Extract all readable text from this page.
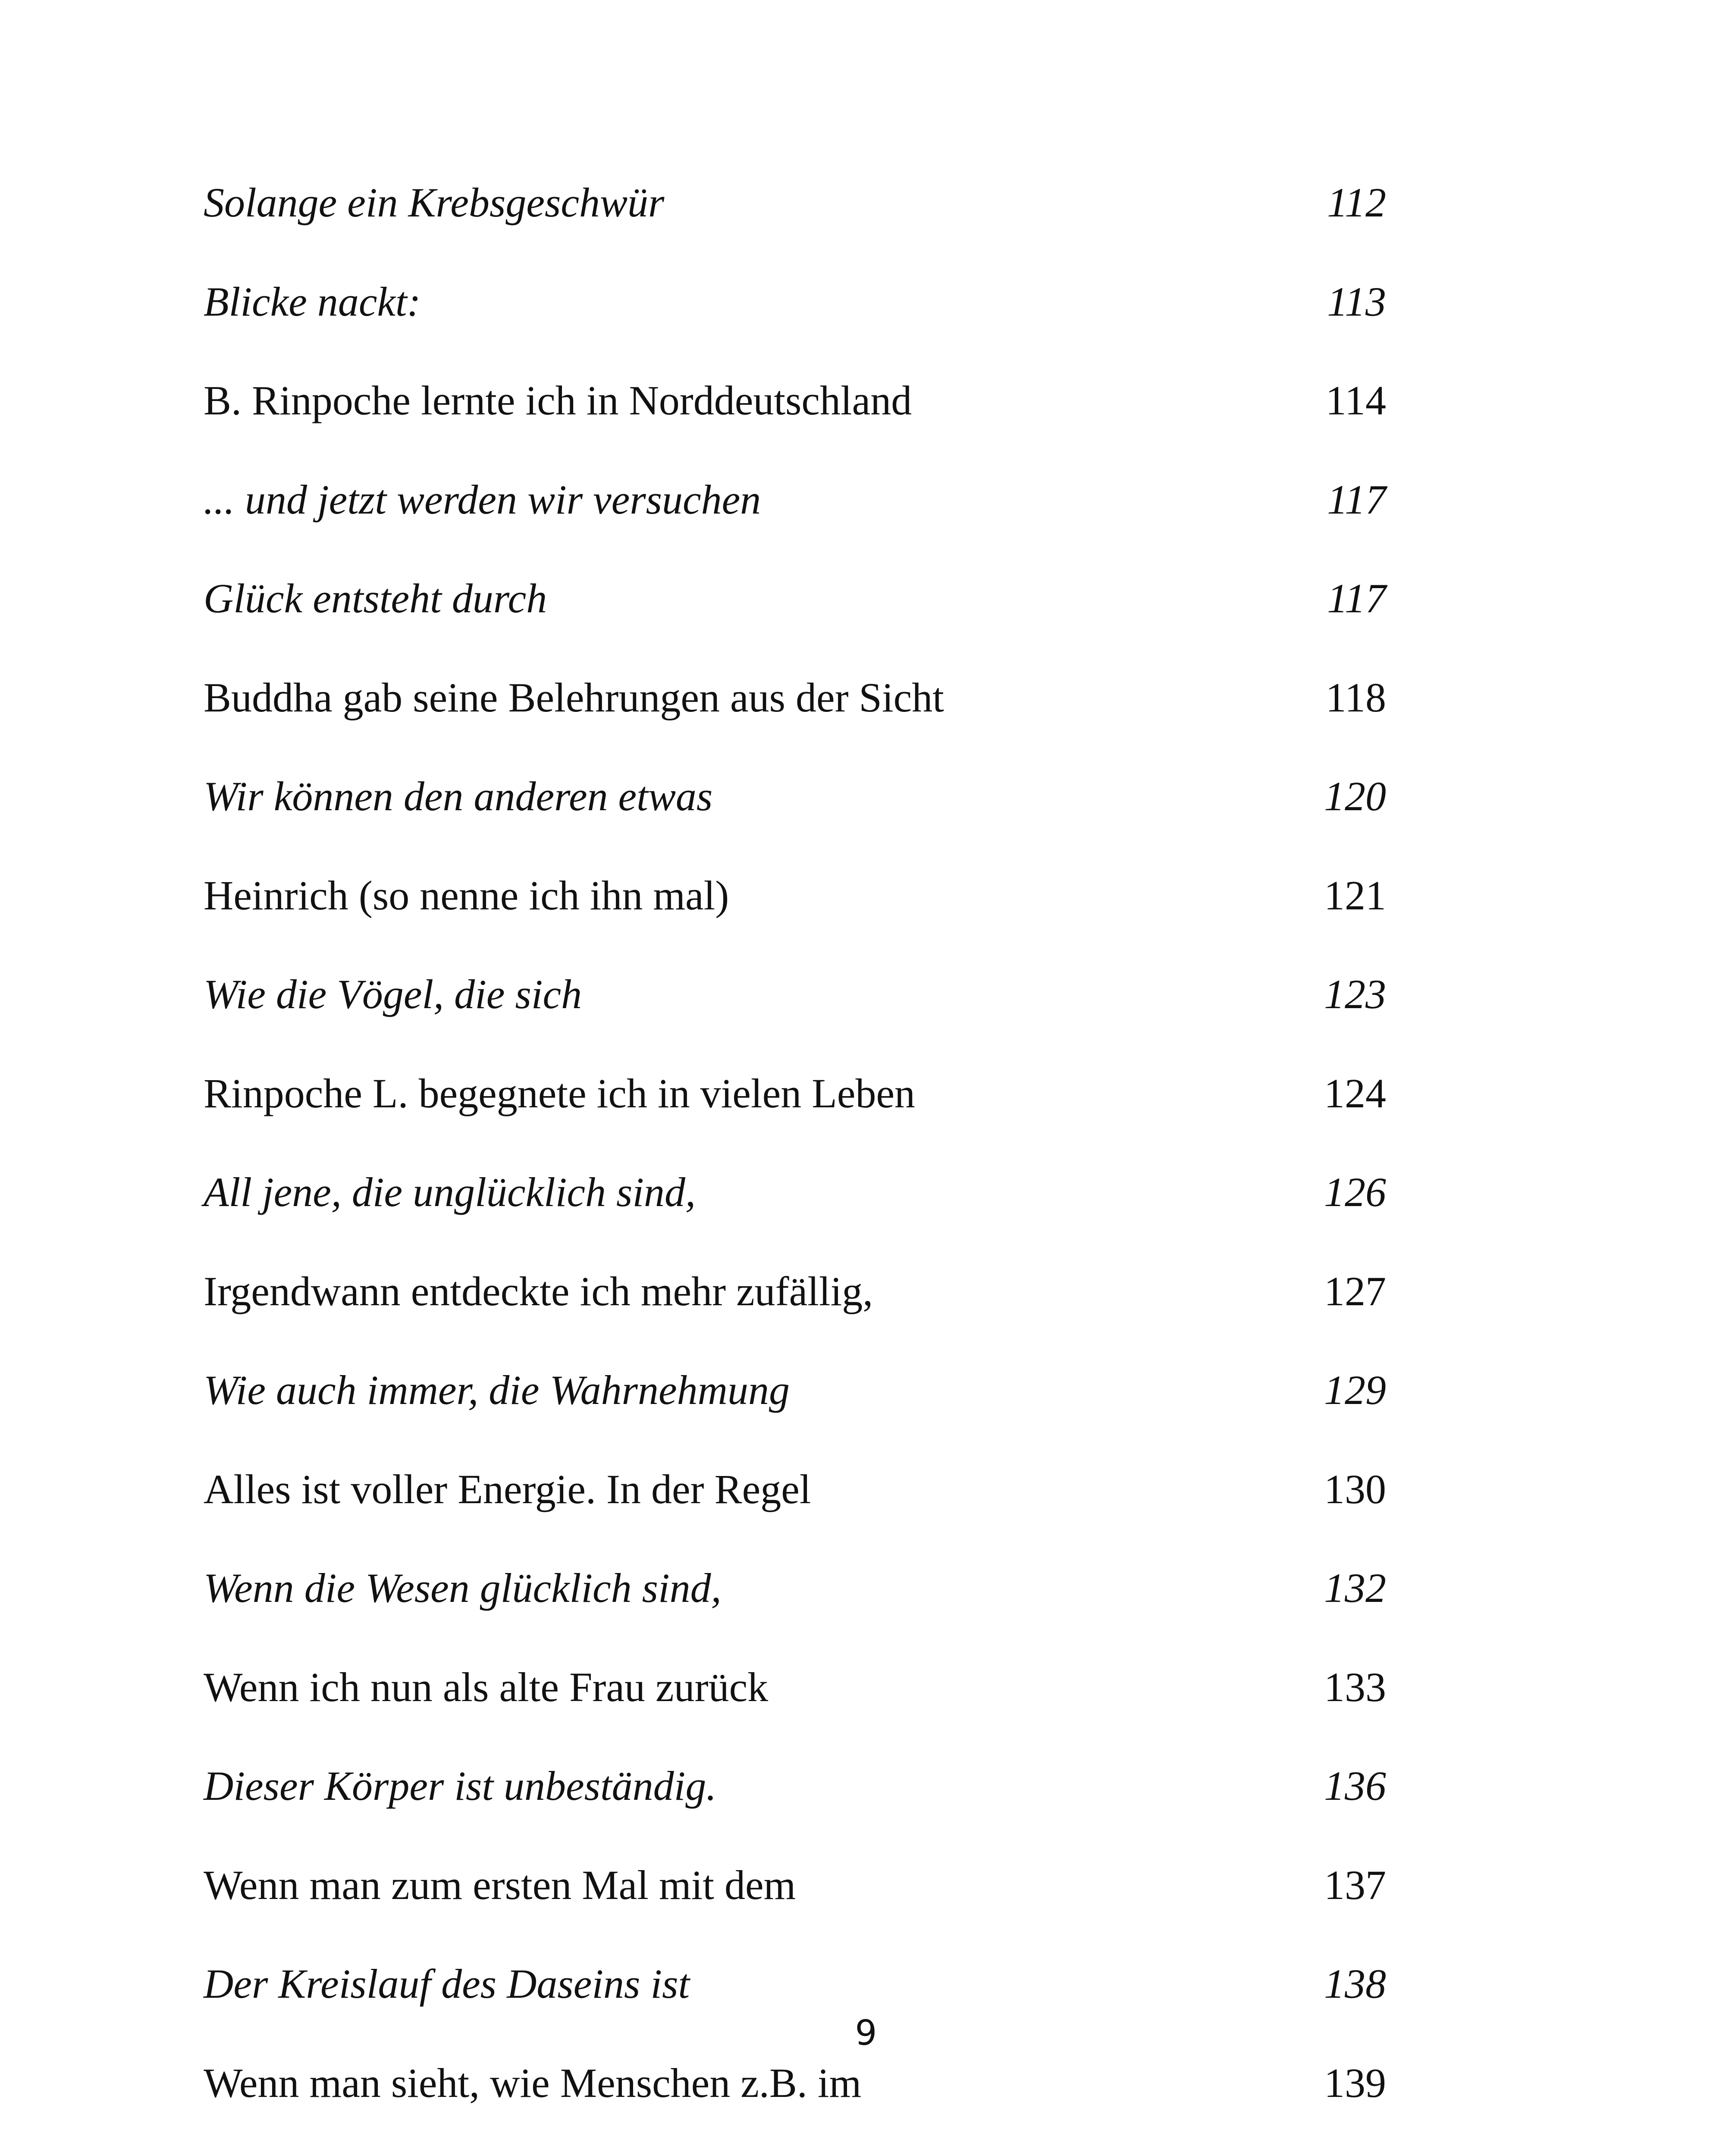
Solange ein Krebsgeschwür	112
Blicke nackt:	113
B. Rinpoche lernte ich in Norddeutschland	114
... und jetzt werden wir versuchen	117
Glück entsteht durch	117
Buddha gab seine Belehrungen aus der Sicht	118
Wir können den anderen etwas	120
Heinrich (so nenne ich ihn mal)	121
Wie die Vögel, die sich	123
Rinpoche L. begegnete ich in vielen Leben	124
All jene, die unglücklich sind,	126
Irgendwann entdeckte ich mehr zufällig,	127
Wie auch immer, die Wahrnehmung	129
Alles ist voller Energie. In der Regel	130
Wenn die Wesen glücklich sind,	132
Wenn ich nun als alte Frau zurück	133
Dieser Körper ist unbeständig.	136
Wenn man zum ersten Mal mit dem	137
Der Kreislauf des Daseins ist	138
Wenn man sieht, wie Menschen z.B. im	139
9
